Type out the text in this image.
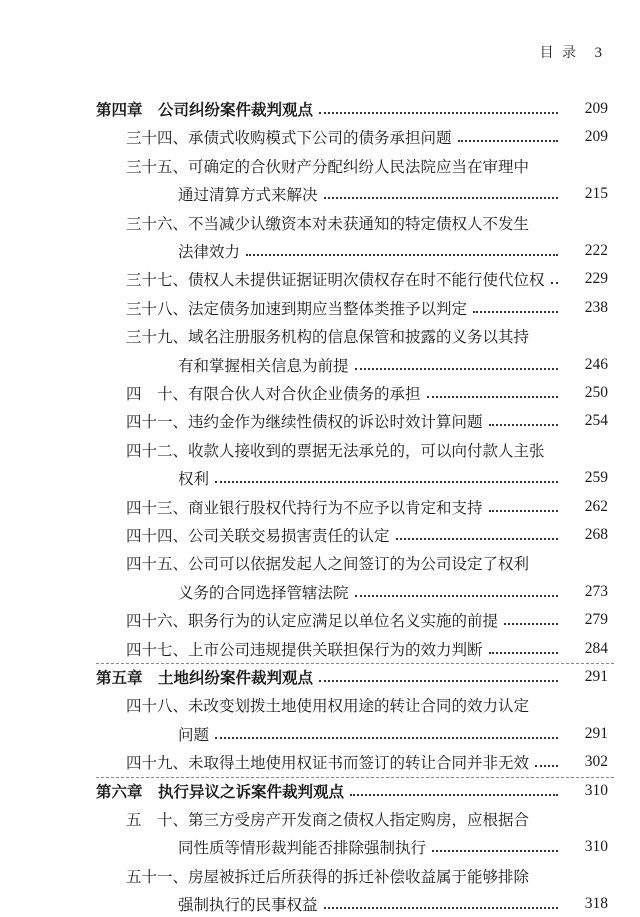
目 录 3
209
第四章　公司纠纷案件裁判观点
209
三十四、承债式收购模式下公司的债务承担问题
三十五、可确定的合伙财产分配纠纷人民法院应当在审理中
215
通过清算方式来解决
三十六、不当减少认缴资本对未获通知的特定债权人不发生
222
法律效力
229
三十七、债权人未提供证据证明次债权存在时不能行使代位权
238
三十八、法定债务加速到期应当整体类推予以判定
三十九、域名注册服务机构的信息保管和披露的义务以其持
246
有和掌握相关信息为前提
250
四　十、有限合伙人对合伙企业债务的承担
254
四十一、违约金作为继续性债权的诉讼时效计算问题
四十二、收款人接收到的票据无法承兑的，可以向付款人主张
259
权利
262
四十三、商业银行股权代持行为不应予以肯定和支持
268
四十四、公司关联交易损害责任的认定
四十五、公司可以依据发起人之间签订的为公司设定了权利
273
义务的合同选择管辖法院
279
四十六、职务行为的认定应满足以单位名义实施的前提
284
四十七、上市公司违规提供关联担保行为的效力判断
291
第五章　土地纠纷案件裁判观点
四十八、未改变划拨土地使用权用途的转让合同的效力认定
291
问题
302
四十九、未取得土地使用权证书而签订的转让合同并非无效
310
第六章　执行异议之诉案件裁判观点
五　十、第三方受房产开发商之债权人指定购房，应根据合
310
同性质等情形裁判能否排除强制执行
五十一、房屋被拆迁后所获得的拆迁补偿收益属于能够排除
318
强制执行的民事权益
